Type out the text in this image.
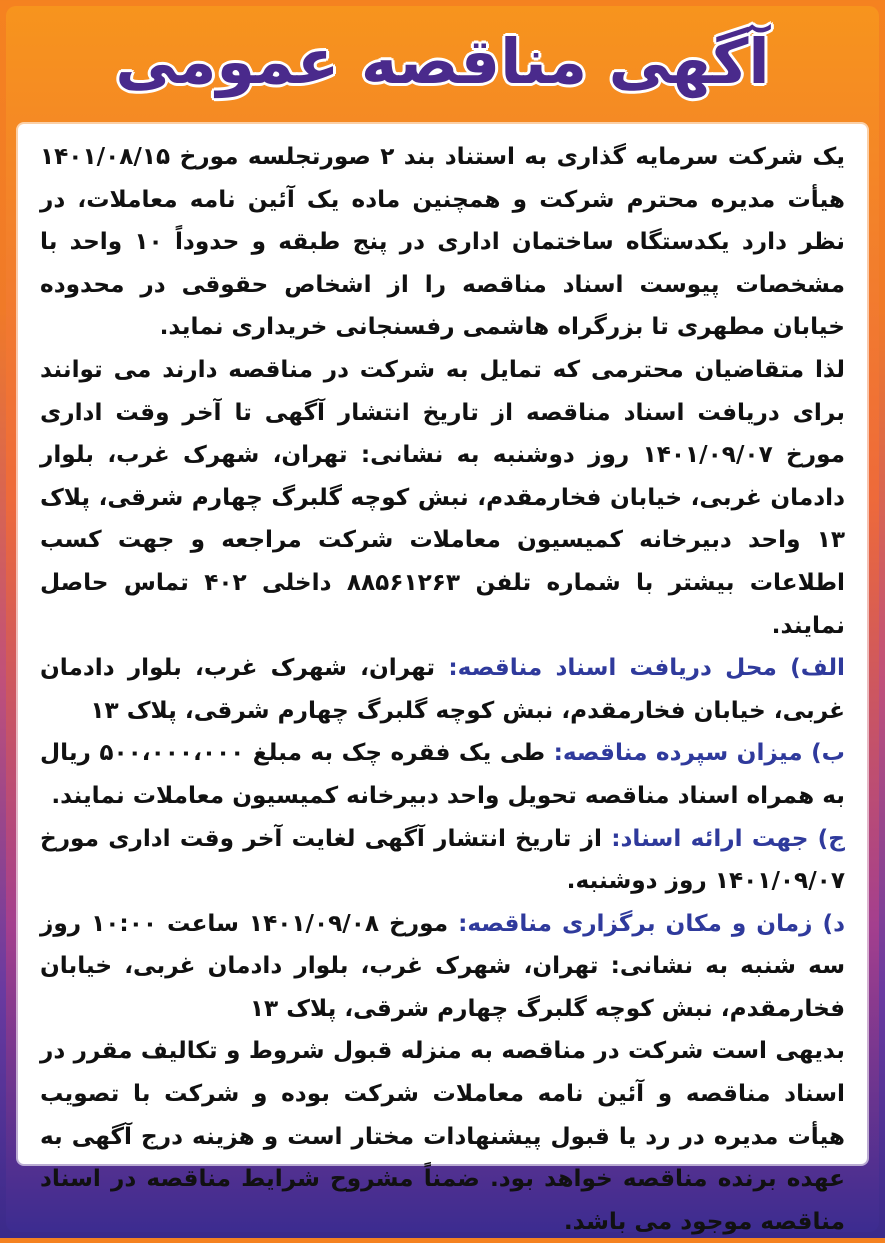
آگهی مناقصه عمومی

یک شرکت سرمایه گذاری به استناد بند ۲ صورتجلسه مورخ ۱۴۰۱/۰۸/۱۵ هیأت مدیره محترم شرکت و همچنین ماده یک آئین نامه معاملات، در نظر دارد یکدستگاه ساختمان اداری در پنج طبقه و حدوداً ۱۰ واحد با مشخصات پیوست اسناد مناقصه را از اشخاص حقوقی در محدوده خیابان مطهری تا بزرگراه هاشمی رفسنجانی خریداری نماید.

لذا متقاضیان محترمی که تمایل به شرکت در مناقصه دارند می توانند برای دریافت اسناد مناقصه از تاریخ انتشار آگهی تا آخر وقت اداری مورخ ۱۴۰۱/۰۹/۰۷ روز دوشنبه به نشانی: تهران، شهرک غرب، بلوار دادمان غربی، خیابان فخارمقدم، نبش کوچه گلبرگ چهارم شرقی، پلاک ۱۳ واحد دبیرخانه کمیسیون معاملات شرکت مراجعه و جهت کسب اطلاعات بیشتر با شماره تلفن ۸۸۵۶۱۲۶۳ داخلی ۴۰۲ تماس حاصل نمایند.

الف) محل دریافت اسناد مناقصه: تهران، شهرک غرب، بلوار دادمان غربی، خیابان فخارمقدم، نبش کوچه گلبرگ چهارم شرقی، پلاک ۱۳

ب) میزان سپرده مناقصه: طی یک فقره چک به مبلغ ۵۰۰،۰۰۰،۰۰۰ ریال به همراه اسناد مناقصه تحویل واحد دبیرخانه کمیسیون معاملات نمایند.

ج) جهت ارائه اسناد: از تاریخ انتشار آگهی لغایت آخر وقت اداری مورخ ۱۴۰۱/۰۹/۰۷ روز دوشنبه.

د) زمان و مکان برگزاری مناقصه: مورخ ۱۴۰۱/۰۹/۰۸ ساعت ۱۰:۰۰ روز سه شنبه به نشانی: تهران، شهرک غرب، بلوار دادمان غربی، خیابان فخارمقدم، نبش کوچه گلبرگ چهارم شرقی، پلاک ۱۳

بدیهی است شرکت در مناقصه به منزله قبول شروط و تکالیف مقرر در اسناد مناقصه و آئین نامه معاملات شرکت بوده و شرکت با تصویب هیأت مدیره در رد یا قبول پیشنهادات مختار است و هزینه درج آگهی به عهده برنده مناقصه خواهد بود. ضمناً مشروح شرایط مناقصه در اسناد مناقصه موجود می باشد.
